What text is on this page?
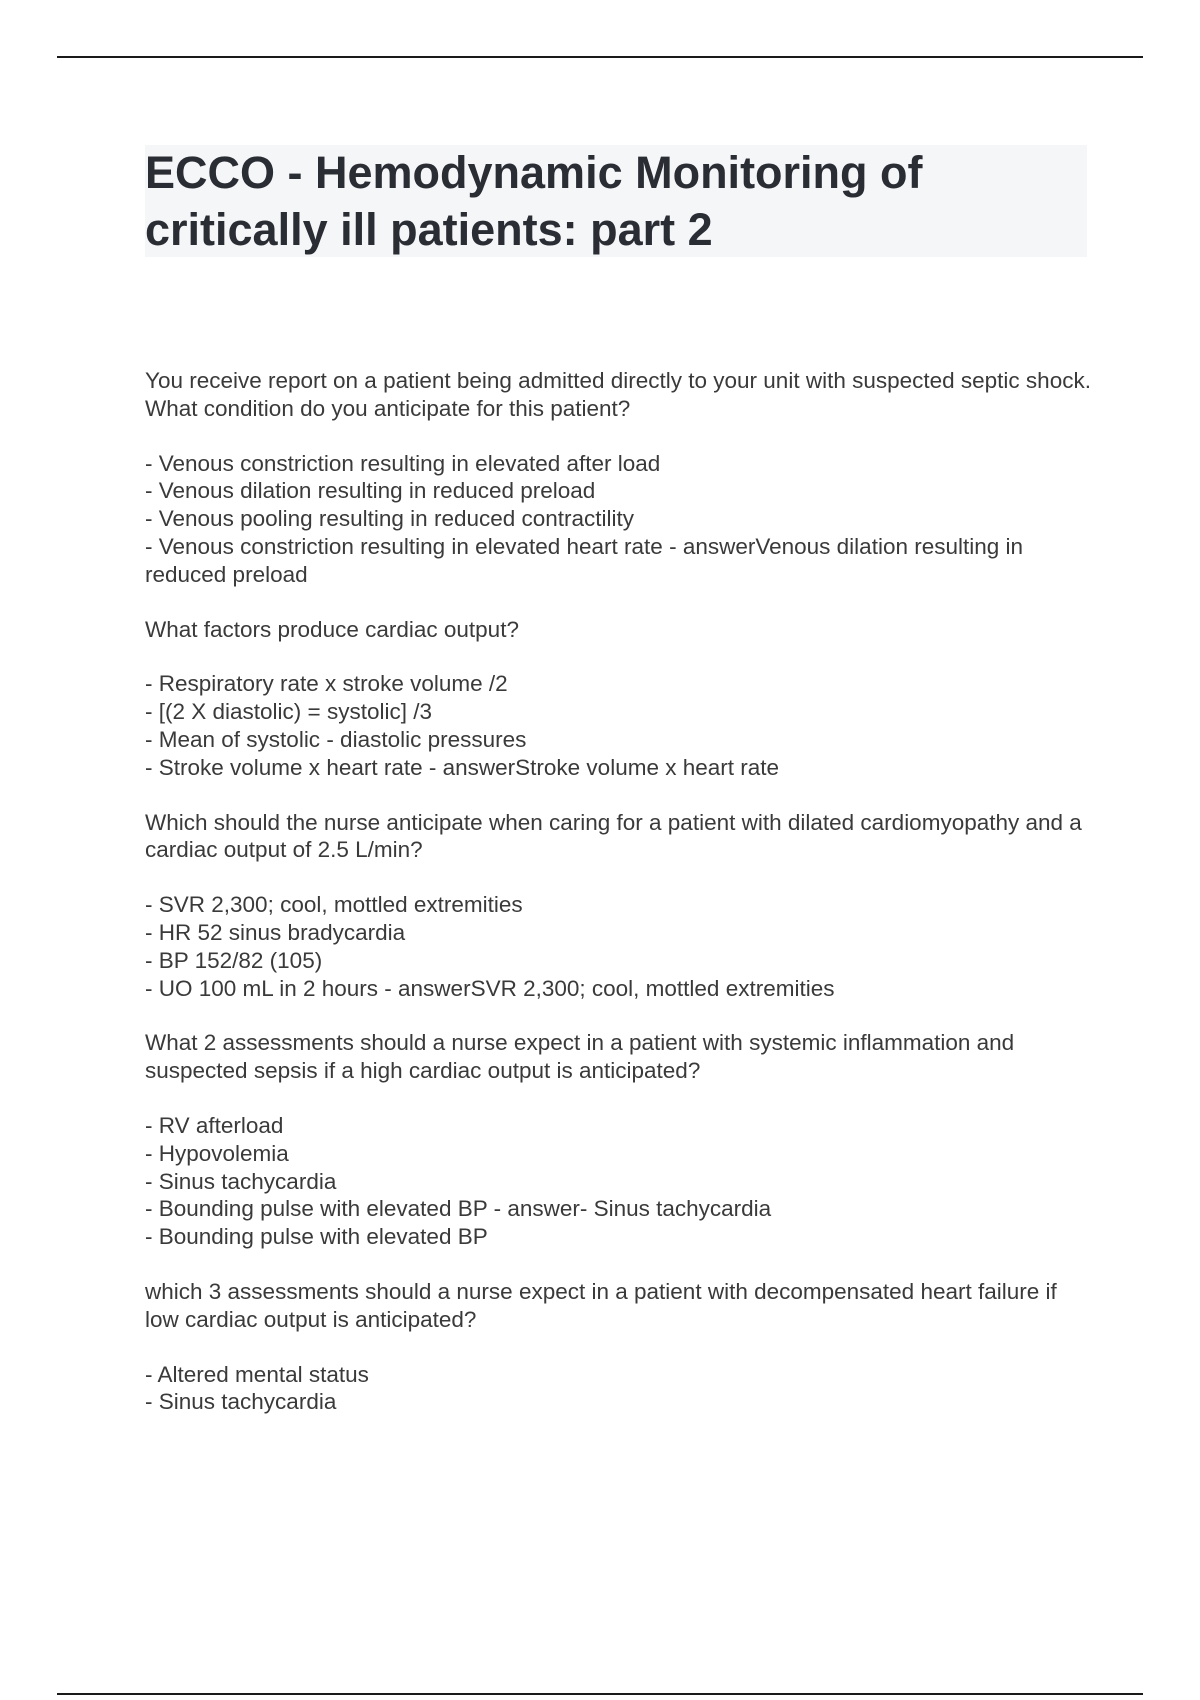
ECCO - Hemodynamic Monitoring of critically ill patients: part 2

You receive report on a patient being admitted directly to your unit with suspected septic shock. What condition do you anticipate for this patient?

- Venous constriction resulting in elevated after load
- Venous dilation resulting in reduced preload
- Venous pooling resulting in reduced contractility
- Venous constriction resulting in elevated heart rate - answerVenous dilation resulting in reduced preload

What factors produce cardiac output?

- Respiratory rate x stroke volume /2
- [(2 X diastolic) = systolic] /3
- Mean of systolic - diastolic pressures
- Stroke volume x heart rate - answerStroke volume x heart rate

Which should the nurse anticipate when caring for a patient with dilated cardiomyopathy and a cardiac output of 2.5 L/min?

- SVR 2,300; cool, mottled extremities
- HR 52 sinus bradycardia
- BP 152/82 (105)
- UO 100 mL in 2 hours - answerSVR 2,300; cool, mottled extremities

What 2 assessments should a nurse expect in a patient with systemic inflammation and suspected sepsis if a high cardiac output is anticipated?

- RV afterload
- Hypovolemia
- Sinus tachycardia
- Bounding pulse with elevated BP - answer- Sinus tachycardia
- Bounding pulse with elevated BP

which 3 assessments should a nurse expect in a patient with decompensated heart failure if low cardiac output is anticipated?

- Altered mental status
- Sinus tachycardia
